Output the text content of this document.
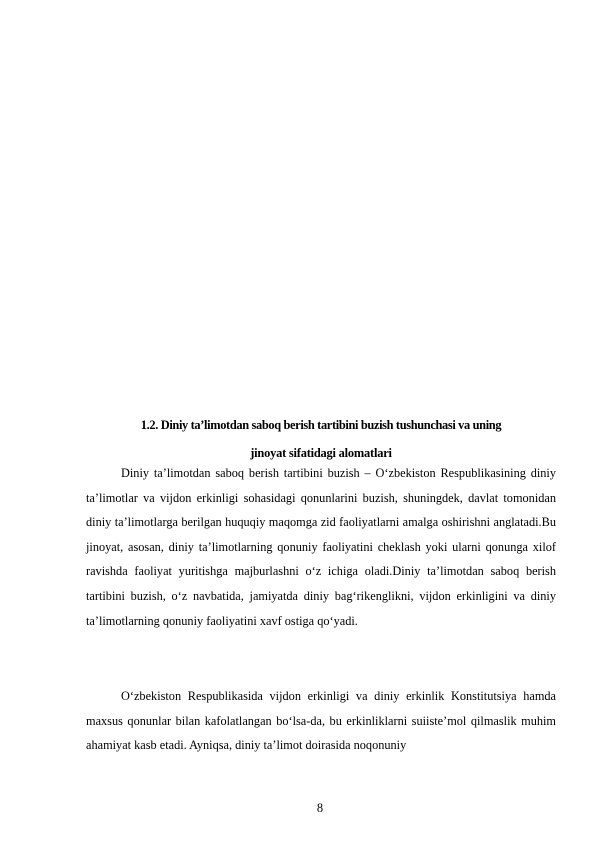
1.2. Diniy ta’limotdan saboq berish tartibini buzish tushunchasi va uning

jinoyat sifatidagi alomatlari

Diniy ta’limotdan saboq berish tartibini buzish – O‘zbekiston Respublikasining diniy ta’limotlar va vijdon erkinligi sohasidagi qonunlarini buzish, shuningdek, davlat tomonidan diniy ta’limotlarga berilgan huquqiy maqomga zid faoliyatlarni amalga oshirishni anglatadi.Bu jinoyat, asosan, diniy ta’limotlarning qonuniy faoliyatini cheklash yoki ularni qonunga xilof ravishda faoliyat yuritishga majburlashni o‘z ichiga oladi.Diniy ta’limotdan saboq berish tartibini buzish, o‘z navbatida, jamiyatda diniy bag‘rikenglikni, vijdon erkinligini va diniy ta’limotlarning qonuniy faoliyatini xavf ostiga qo‘yadi.
O‘zbekiston Respublikasida vijdon erkinligi va diniy erkinlik Konstitutsiya hamda maxsus qonunlar bilan kafolatlangan bo‘lsa-da, bu erkinliklarni suiiste’mol qilmaslik muhim ahamiyat kasb etadi. Ayniqsa, diniy ta’limot doirasida noqonuniy
8
